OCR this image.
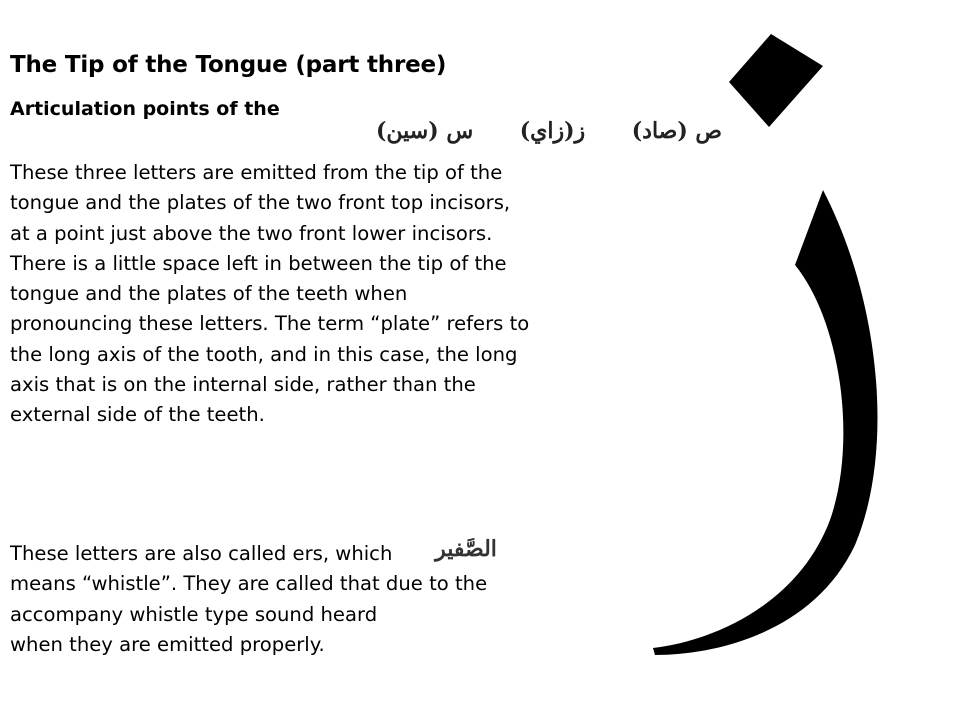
The Tip of the Tongue (part three)
Articulation points of the
ص (صاد)
ز(زاي)
س (سين)
These three letters are emitted from the tip of the
tongue and the plates of the two front top incisors,
at a point just above the two front lower incisors.
There is a little space left in between the tip of the
tongue and the plates of the teeth when
pronouncing these letters. The term “plate” refers to
the long axis of the tooth, and in this case, the long
axis that is on the internal side, rather than the
external side of the teeth.
These letters are also called ers, which	الصَّفير
means “whistle”. They are called that due to the
accompany whistle type sound heard
when they are emitted properly.
